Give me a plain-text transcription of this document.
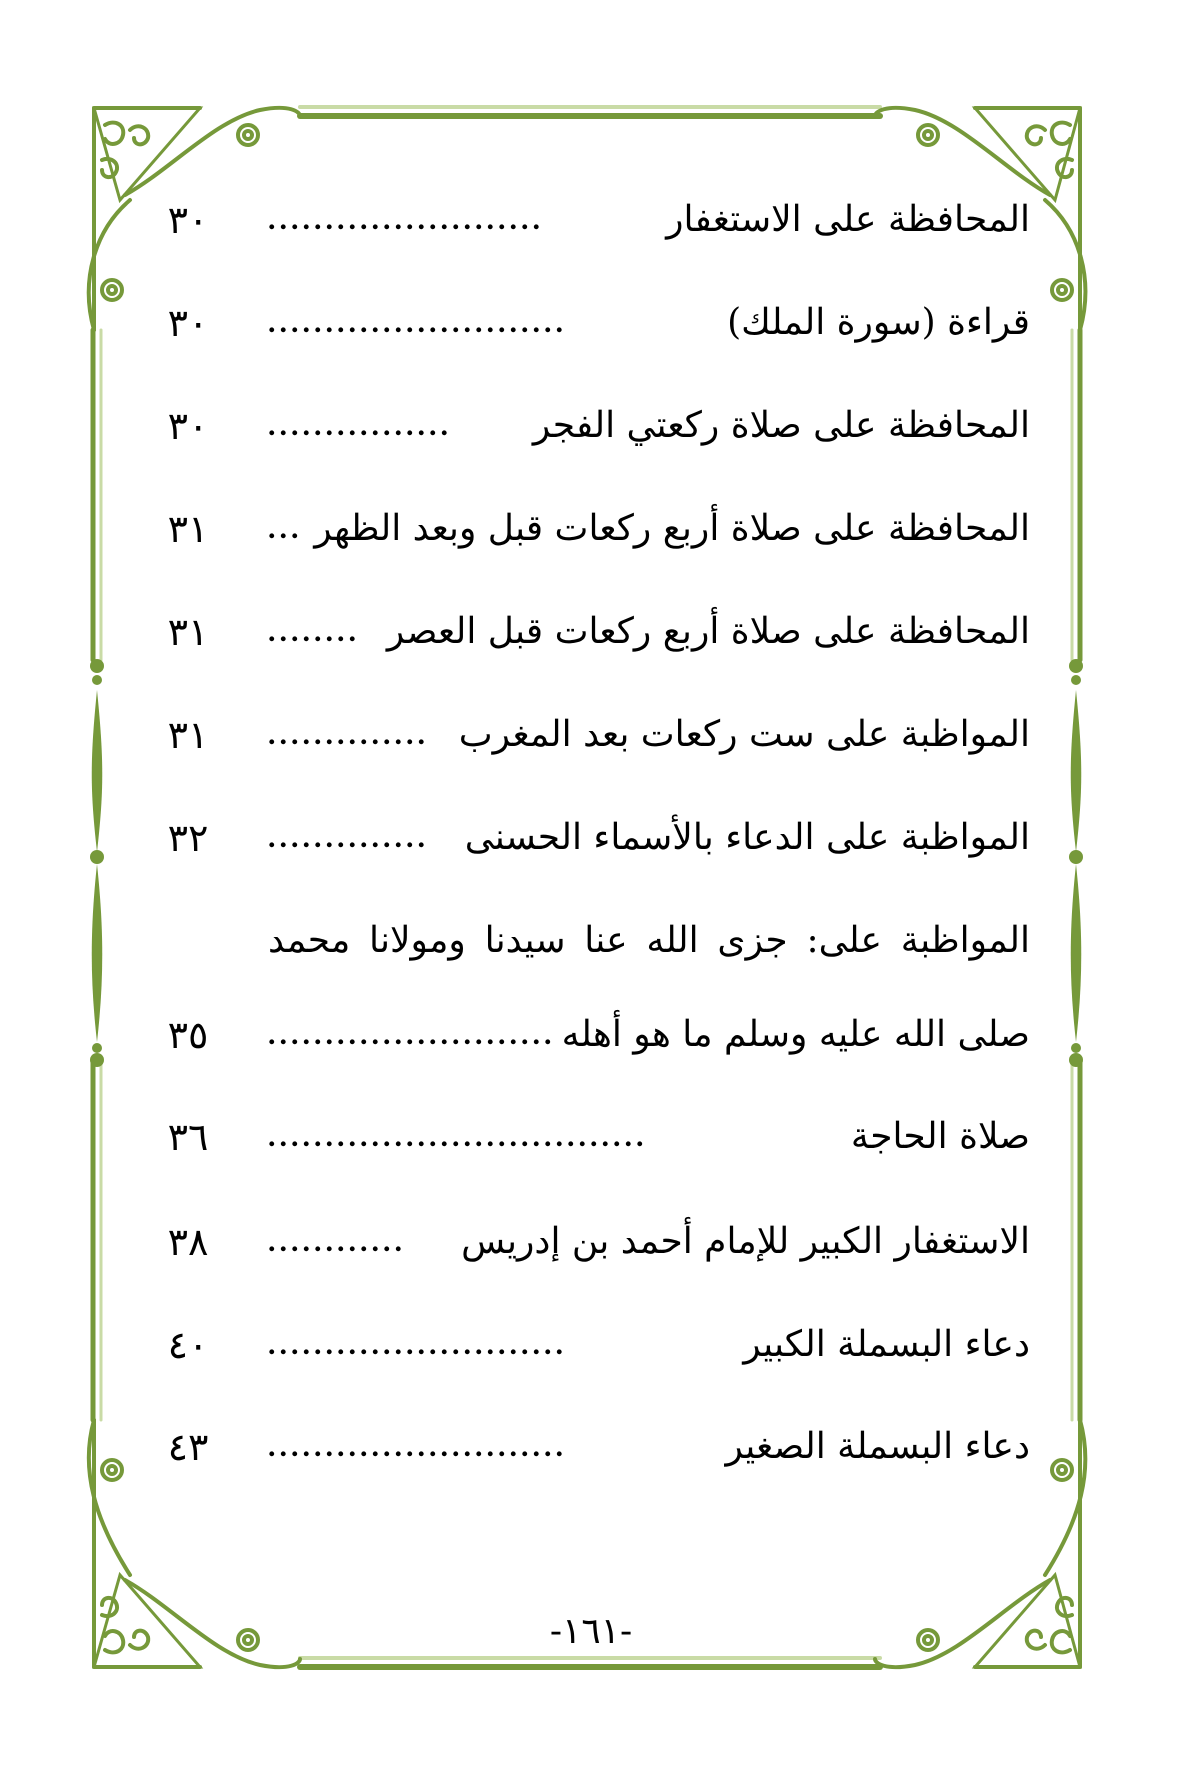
المحافظة على الاستغفار
........................
٣٠
قراءة (سورة الملك)
..........................
٣٠
المحافظة على صلاة ركعتي الفجر
................
٣٠
المحافظة على صلاة أربع ركعات قبل وبعد الظهر
...
٣١
المحافظة على صلاة أربع ركعات قبل العصر
........
٣١
المواظبة على ست ركعات بعد المغرب
..............
٣١
المواظبة على الدعاء بالأسماء الحسنى
..............
٣٢
المواظبة على: جزى الله عنا سيدنا ومولانا محمد
صلى الله عليه وسلم ما هو أهله
.........................
٣٥
صلاة الحاجة
.................................
٣٦
الاستغفار الكبير للإمام أحمد بن إدريس
............
٣٨
دعاء البسملة الكبير
..........................
٤٠
دعاء البسملة الصغير
..........................
٤٣
-١٦١-
